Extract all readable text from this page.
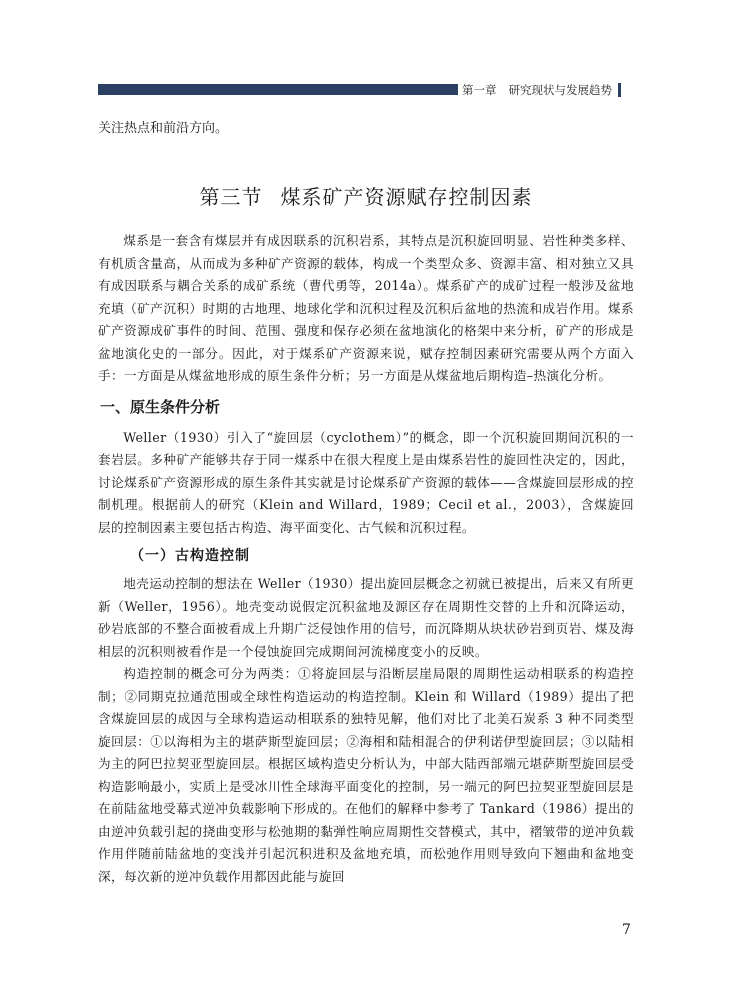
第一章 研究现状与发展趋势

关注热点和前沿方向。

第三节 煤系矿产资源赋存控制因素

煤系是一套含有煤层并有成因联系的沉积岩系，其特点是沉积旋回明显、岩性种类多样、有机质含量高，从而成为多种矿产资源的载体，构成一个类型众多、资源丰富、相对独立又具有成因联系与耦合关系的成矿系统（曹代勇等，2014a）。煤系矿产的成矿过程一般涉及盆地充填（矿产沉积）时期的古地理、地球化学和沉积过程及沉积后盆地的热流和成岩作用。煤系矿产资源成矿事件的时间、范围、强度和保存必须在盆地演化的格架中来分析，矿产的形成是盆地演化史的一部分。因此，对于煤系矿产资源来说，赋存控制因素研究需要从两个方面入手：一方面是从煤盆地形成的原生条件分析；另一方面是从煤盆地后期构造–热演化分析。

一、原生条件分析

Weller（1930）引入了“旋回层（cyclothem）”的概念，即一个沉积旋回期间沉积的一套岩层。多种矿产能够共存于同一煤系中在很大程度上是由煤系岩性的旋回性决定的，因此，讨论煤系矿产资源形成的原生条件其实就是讨论煤系矿产资源的载体——含煤旋回层形成的控制机理。根据前人的研究（Klein and Willard，1989；Cecil et al.，2003），含煤旋回层的控制因素主要包括古构造、海平面变化、古气候和沉积过程。

（一）古构造控制

地壳运动控制的想法在 Weller（1930）提出旋回层概念之初就已被提出，后来又有所更新（Weller，1956）。地壳变动说假定沉积盆地及源区存在周期性交替的上升和沉降运动，砂岩底部的不整合面被看成上升期广泛侵蚀作用的信号，而沉降期从块状砂岩到页岩、煤及海相层的沉积则被看作是一个侵蚀旋回完成期间河流梯度变小的反映。

构造控制的概念可分为两类：①将旋回层与沿断层崖局限的周期性运动相联系的构造控制；②同期克拉通范围或全球性构造运动的构造控制。Klein 和 Willard（1989）提出了把含煤旋回层的成因与全球构造运动相联系的独特见解，他们对比了北美石炭系 3 种不同类型旋回层：①以海相为主的堪萨斯型旋回层；②海相和陆相混合的伊利诺伊型旋回层；③以陆相为主的阿巴拉契亚型旋回层。根据区域构造史分析认为，中部大陆西部端元堪萨斯型旋回层受构造影响最小，实质上是受冰川性全球海平面变化的控制，另一端元的阿巴拉契亚型旋回层是在前陆盆地受幕式逆冲负载影响下形成的。在他们的解释中参考了 Tankard（1986）提出的由逆冲负载引起的挠曲变形与松弛期的黏弹性响应周期性交替模式，其中，褶皱带的逆冲负载作用伴随前陆盆地的变浅并引起沉积进积及盆地充填，而松弛作用则导致向下翘曲和盆地变深，每次新的逆冲负载作用都因此能与旋回

7
